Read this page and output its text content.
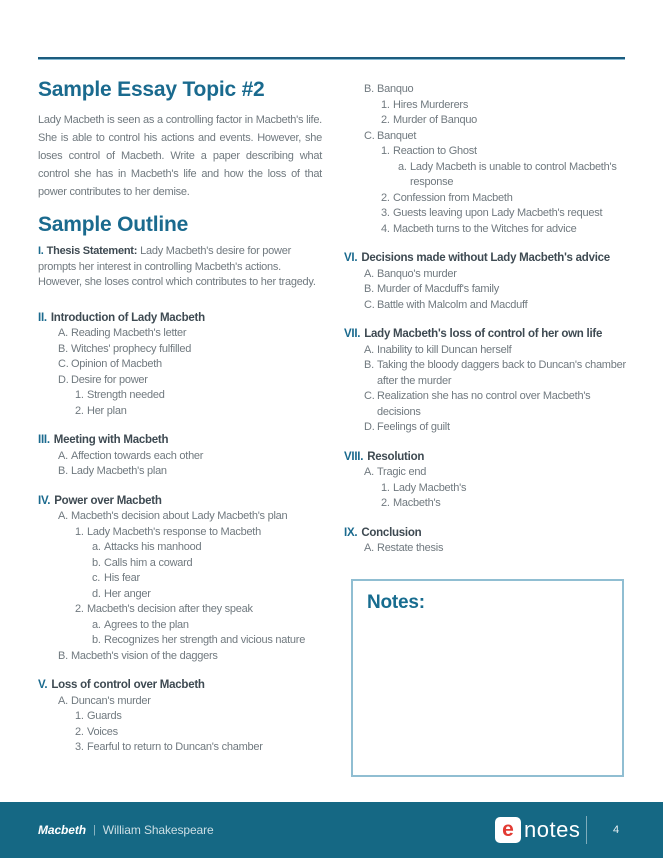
Sample Essay Topic #2

Lady Macbeth is seen as a controlling factor in Macbeth's life. She is able to control his actions and events. However, she loses control of Macbeth. Write a paper describing what control she has in Macbeth's life and how the loss of that power contributes to her demise.

Sample Outline

I. Thesis Statement: Lady Macbeth's desire for power prompts her interest in controlling Macbeth's actions. However, she loses control which contributes to her tragedy.

II. Introduction of Lady Macbeth
A. Reading Macbeth's letter
B. Witches' prophecy fulfilled
C. Opinion of Macbeth
D. Desire for power
1. Strength needed
2. Her plan
III. Meeting with Macbeth
A. Affection towards each other
B. Lady Macbeth's plan
IV. Power over Macbeth
A. Macbeth's decision about Lady Macbeth's plan
1. Lady Macbeth's response to Macbeth
a. Attacks his manhood
b. Calls him a coward
c. His fear
d. Her anger
2. Macbeth's decision after they speak
a. Agrees to the plan
b. Recognizes her strength and vicious nature
B. Macbeth's vision of the daggers
V. Loss of control over Macbeth
A. Duncan's murder
1. Guards
2. Voices
3. Fearful to return to Duncan's chamber
B. Banquo
1. Hires Murderers
2. Murder of Banquo
C. Banquet
1. Reaction to Ghost
a. Lady Macbeth is unable to control Macbeth's response
2. Confession from Macbeth
3. Guests leaving upon Lady Macbeth's request
4. Macbeth turns to the Witches for advice
VI. Decisions made without Lady Macbeth's advice
A. Banquo's murder
B. Murder of Macduff's family
C. Battle with Malcolm and Macduff
VII. Lady Macbeth's loss of control of her own life
A. Inability to kill Duncan herself
B. Taking the bloody daggers back to Duncan's chamber after the murder
C. Realization she has no control over Macbeth's decisions
D. Feelings of guilt
VIII. Resolution
A. Tragic end
1. Lady Macbeth's
2. Macbeth's
IX. Conclusion
A. Restate thesis
Notes:
Macbeth | William Shakespeare	e notes	4
